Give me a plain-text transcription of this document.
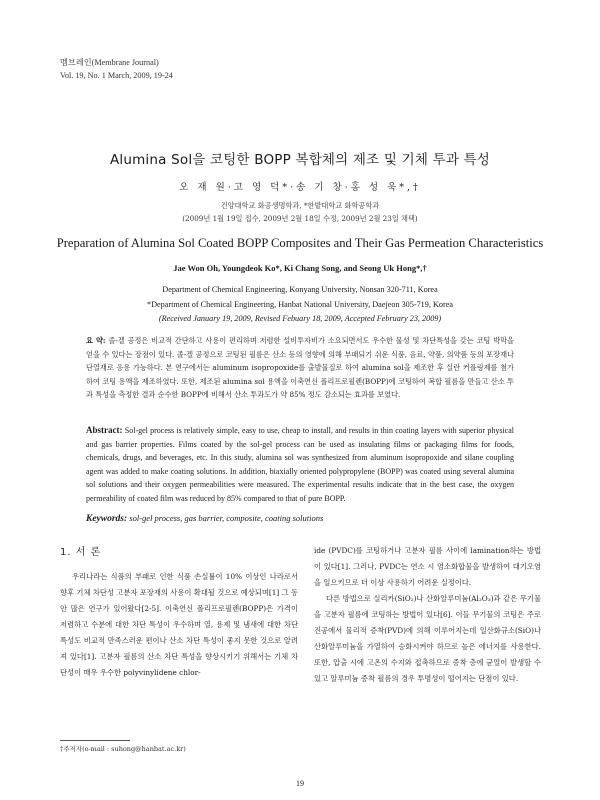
멤브레인(Membrane Journal)
Vol. 19, No. 1 March, 2009, 19-24
Alumina Sol을 코팅한 BOPP 복합체의 제조 및 기체 투과 특성
오 재 원·고 영 덕*·송 기 창·홍 성 욱*,†
건양대학교 화공생명학과, *한밭대학교 화학공학과
(2009년 1월 19일 접수, 2009년 2월 18일 수정, 2009년 2월 23일 채택)
Preparation of Alumina Sol Coated BOPP Composites and Their Gas Permeation Characteristics
Jae Won Oh, Youngdeok Ko*, Ki Chang Song, and Seong Uk Hong*,†
Department of Chemical Engineering, Konyang University, Nonsan 320-711, Korea
*Department of Chemical Engineering, Hanbat National University, Daejeon 305-719, Korea
(Received January 19, 2009, Revised Febuary 18, 2009, Accepted February 23, 2009)
요 약: 졸-겔 공정은 비교적 간단하고 사용이 편리하며 저렴한 설비투자비가 소요되면서도 우수한 물성 및 차단특성을 갖는 코팅 박막을 얻을 수 있다는 장점이 있다. 졸-겔 공정으로 코팅된 필름은 산소 등의 영향에 의해 부패되기 쉬운 식품, 음료, 약품, 의약품 등의 포장재나 단열재로 응용 가능하다. 본 연구에서는 aluminum isopropoxide를 출발물질로 하여 alumina sol을 제조한 후 실란 커플링제를 첨가하여 코팅 용액을 제조하였다. 또한, 제조된 alumina sol 용액을 이축연신 폴리프로필렌(BOPP)에 코팅하여 복합 필름을 만들고 산소 투과 특성을 측정한 결과 순수한 BOPP에 비해서 산소 투과도가 약 85% 정도 감소되는 효과를 보였다.
Abstract: Sol-gel process is relatively simple, easy to use, cheap to install, and results in thin coating layers with superior physical and gas barrier properties. Films coated by the sol-gel process can be used as insulating films or packaging films for foods, chemicals, drugs, and beverages, etc. In this study, alumina sol was synthesized from aluminum isopropoxide and silane coupling agent was added to make coating solutions. In addition, biaxially oriented polypropylene (BOPP) was coated using several alumina sol solutions and their oxygen permeabilities were measured. The experimental results indicate that in the best case, the oxygen permeability of coated film was reduced by 85% compared to that of pure BOPP.
Keywords: sol-gel process, gas barrier, composite, coating solutions
1. 서 론

우리나라는 식품의 부패로 인한 식품 손실률이 10% 이상인 나라로서 향후 기체 차단성 고분자 포장재의 사용이 확대될 것으로 예상되며[1] 그 동안 많은 연구가 있어왔다[2-5]. 이축연신 폴리프로필렌(BOPP)은 가격이 저렴하고 수분에 대한 차단 특성이 우수하며 열, 용제 및 냄새에 대한 차단 특성도 비교적 만족스러운 편이나 산소 차단 특성이 좋지 못한 것으로 알려져 있다[1]. 고분자 필름의 산소 차단 특성을 향상시키기 위해서는 기체 차단성이 매우 우수한 polyvinylidene chlor-

ide (PVDC)를 코팅하거나 고분자 필름 사이에 lamination하는 방법이 있다[1]. 그러나, PVDC는 연소 시 염소화합물을 발생하여 대기오염을 일으키므로 더 이상 사용하기 어려운 실정이다.

다른 방법으로 실리카(SiO₂)나 산화알루미늄(Al₂O₃)과 같은 무기물을 고분자 필름에 코팅하는 방법이 있다[6]. 이들 무기물의 코팅은 주로 진공에서 물리적 증착(PVD)에 의해 이루어지는데 일산화규소(SiO)나 산화알루미늄을 가열하여 승화시켜야 하므로 높은 에너지를 사용한다. 또한, 압출 시에 고온의 수지와 접촉하므로 증착 층에 균열이 발생할 수 있고 알루미늄 증착 필름의 경우 투명성이 떨어지는 단점이 있다.

†주저자(e-mail : suhong@hanbat.ac.kr)
19
